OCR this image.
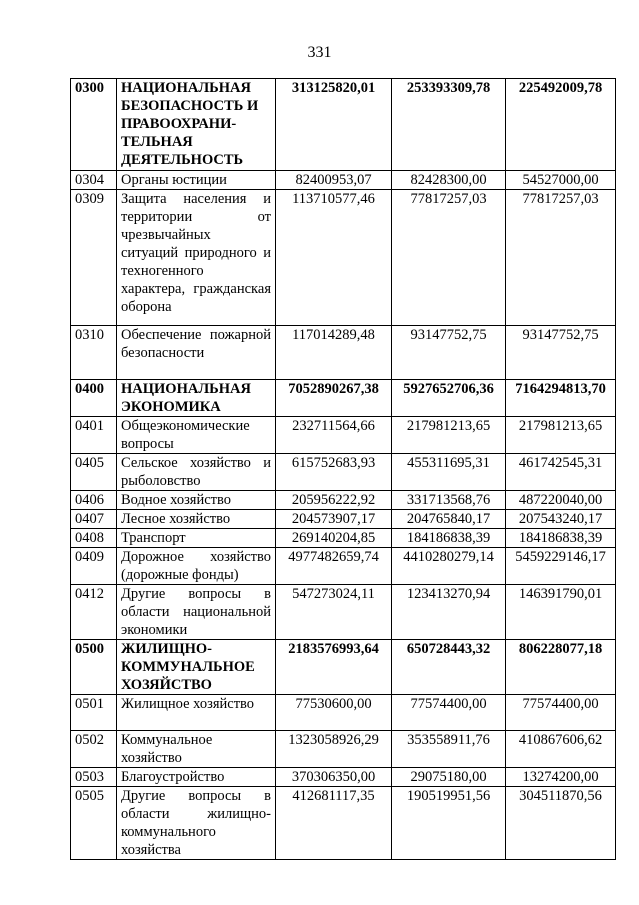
331
0300	НАЦИОНАЛЬНАЯ БЕЗОПАСНОСТЬ И ПРАВООХРАНИ-ТЕЛЬНАЯ ДЕЯТЕЛЬНОСТЬ	313125820,01	253393309,78	225492009,78
0304	Органы юстиции	82400953,07	82428300,00	54527000,00
0309	Защита населения и территории от чрезвычайных ситуаций природного и техногенного характера, гражданская оборона	113710577,46	77817257,03	77817257,03
0310	Обеспечение пожарной безопасности	117014289,48	93147752,75	93147752,75
0400	НАЦИОНАЛЬНАЯ ЭКОНОМИКА	7052890267,38	5927652706,36	7164294813,70
0401	Общеэкономические вопросы	232711564,66	217981213,65	217981213,65
0405	Сельское хозяйство и рыболовство	615752683,93	455311695,31	461742545,31
0406	Водное хозяйство	205956222,92	331713568,76	487220040,00
0407	Лесное хозяйство	204573907,17	204765840,17	207543240,17
0408	Транспорт	269140204,85	184186838,39	184186838,39
0409	Дорожное хозяйство (дорожные фонды)	4977482659,74	4410280279,14	5459229146,17
0412	Другие вопросы в области национальной экономики	547273024,11	123413270,94	146391790,01
0500	ЖИЛИЩНО-КОММУНАЛЬНОЕ ХОЗЯЙСТВО	2183576993,64	650728443,32	806228077,18
0501	Жилищное хозяйство	77530600,00	77574400,00	77574400,00
0502	Коммунальное хозяйство	1323058926,29	353558911,76	410867606,62
0503	Благоустройство	370306350,00	29075180,00	13274200,00
0505	Другие вопросы в области жилищно-коммунального хозяйства	412681117,35	190519951,56	304511870,56
